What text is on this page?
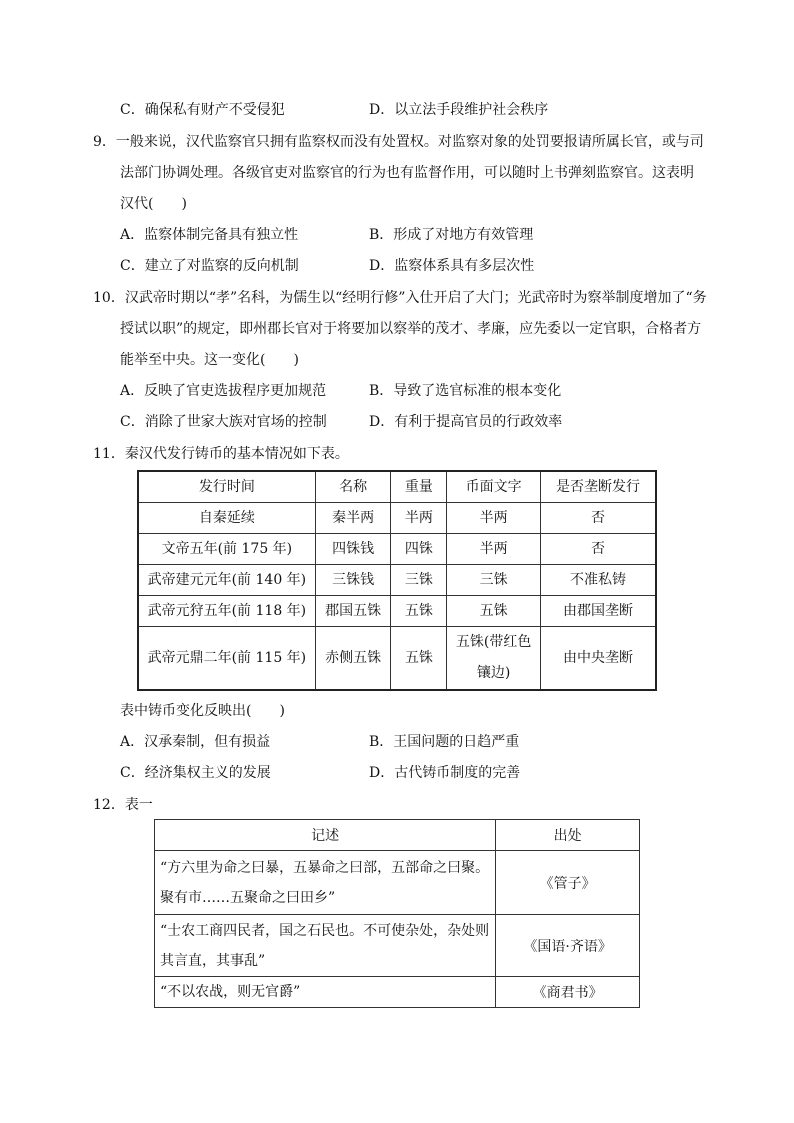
C．确保私有财产不受侵犯	D．以立法手段维护社会秩序
9．一般来说，汉代监察官只拥有监察权而没有处置权。对监察对象的处罚要报请所属长官，或与司
法部门协调处理。各级官吏对监察官的行为也有监督作用，可以随时上书弹刻监察官。这表明
汉代(　　)
A．监察体制完备具有独立性	B．形成了对地方有效管理
C．建立了对监察的反向机制	D．监察体系具有多层次性
10．汉武帝时期以“孝”名科，为儒生以“经明行修”入仕开启了大门；光武帝时为察举制度增加了“务
授试以职”的规定，即州郡长官对于将要加以察举的茂才、孝廉，应先委以一定官职，合格者方
能举至中央。这一变化(　　)
A．反映了官吏选拔程序更加规范	B．导致了选官标准的根本变化
C．消除了世家大族对官场的控制	D．有利于提高官员的行政效率
11．秦汉代发行铸币的基本情况如下表。
发行时间	名称	重量	币面文字	是否垄断发行
自秦延续	秦半两	半两	半两	否
文帝五年(前 175 年)	四铢钱	四铢	半两	否
武帝建元元年(前 140 年)	三铢钱	三铢	三铢	不准私铸
武帝元狩五年(前 118 年)	郡国五铢	五铢	五铢	由郡国垄断
武帝元鼎二年(前 115 年)	赤侧五铢	五铢	五铢(带红色镶边)	由中央垄断
表中铸币变化反映出(　　)
A．汉承秦制，但有损益	B．王国问题的日趋严重
C．经济集权主义的发展	D．古代铸币制度的完善
12．表一
记述	出处
“方六里为命之曰暴，五暴命之曰部，五部命之曰聚。聚有市……五聚命之曰田乡”	《管子》
“士农工商四民者，国之石民也。不可使杂处，杂处则其言直，其事乱”	《国语·齐语》
“不以农战，则无官爵”	《商君书》
